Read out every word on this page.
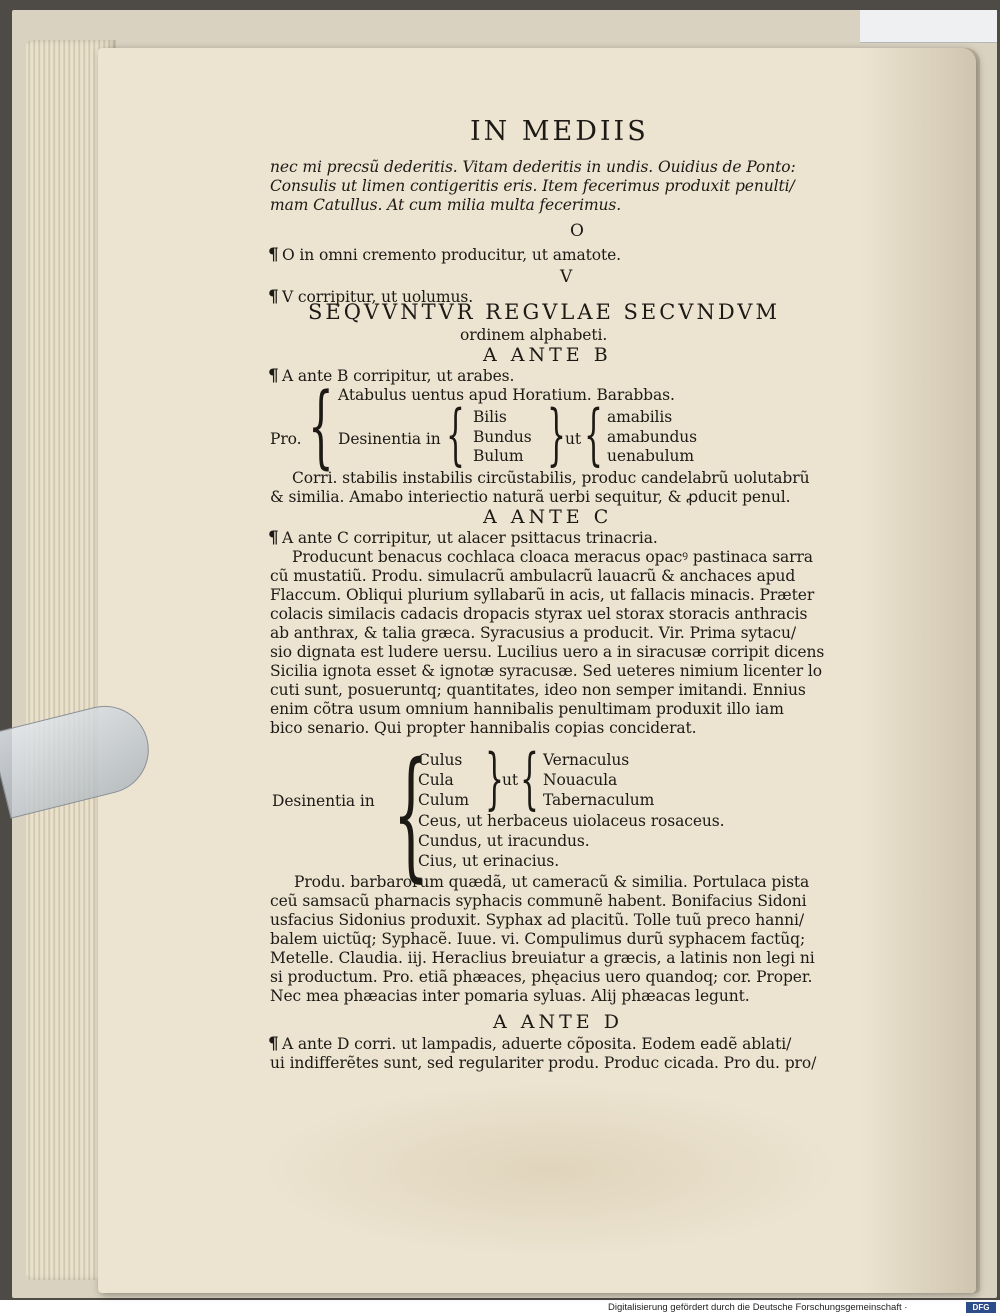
IN MEDIIS
nec mi precsũ dederitis. Vitam dederitis in undis. Ouidius de Ponto:
Consulis ut limen contigeritis eris. Item fecerimus produxit penulti/
mam Catullus. At cum milia multa fecerimus.
O
¶ O in omni cremento producitur, ut amatote.
V
¶ V corripitur, ut uolumus.
SEQVVNTVR REGVLAE SECVNDVM
ordinem alphabeti.
A ANTE B
¶ A ante B corripitur, ut arabes.
Atabulus uentus apud Horatium. Barabbas.
Pro. { Desinentia in { Bilis
Bundus
Bulum } ut { amabilis
amabundus
uenabulum
Corri. stabilis instabilis circũstabilis, produc candelabrũ uolutabrũ
& similia. Amabo interiectio naturã uerbi sequitur, & ꝓducit penul.
A ANTE C
¶ A ante C corripitur, ut alacer psittacus trinacria.
Producunt benacus cochlaca cloaca meracus opacꝰ pastinaca sarra
cũ mustatiũ. Produ. simulacrũ ambulacrũ lauacrũ & anchaces apud
Flaccum. Obliqui plurium syllabarũ in acis, ut fallacis minacis. Præter
colacis similacis cadacis dropacis styrax uel storax storacis anthracis
ab anthrax, & talia græca. Syracusius a producit. Vir. Prima sytacu/
sio dignata est ludere uersu. Lucilius uero a in siracusæ corripit dicens
Sicilia ignota esset & ignotæ syracusæ. Sed ueteres nimium licenter lo
cuti sunt, posueruntq; quantitates, ideo non semper imitandi. Ennius
enim cõtra usum omnium hannibalis penultimam produxit illo iam
bico senario. Qui propter hannibalis copias conciderat.
Desinentia in {
Culus
Cula
Culum }
ut { Vernaculus
Nouacula
Tabernaculum
Ceus, ut herbaceus uiolaceus rosaceus.
Cundus, ut iracundus.
Cius, ut erinacius.
Produ. barbarorum quædã, ut cameracũ & similia. Portulaca pista
ceũ samsacũ pharnacis syphacis communẽ habent. Bonifacius Sidoni
usfacius Sidonius produxit. Syphax ad placitũ. Tolle tuũ preco hanni/
balem uictũq; Syphacẽ. Iuue. vi. Compulimus durũ syphacem factũq;
Metelle. Claudia. iij. Heraclius breuiatur a græcis, a latinis non legi ni
si productum. Pro. etiã phæaces, phęacius uero quandoq; cor. Proper.
Nec mea phæacias inter pomaria syluas. Alij phæacas legunt.
A ANTE D
¶ A ante D corri. ut lampadis, aduerte cõposita. Eodem eadẽ ablati/
ui indifferẽtes sunt, sed regulariter produ. Produc cicada. Pro du. pro/
Digitalisierung gefördert durch die Deutsche Forschungsgemeinschaft ·	DFG
